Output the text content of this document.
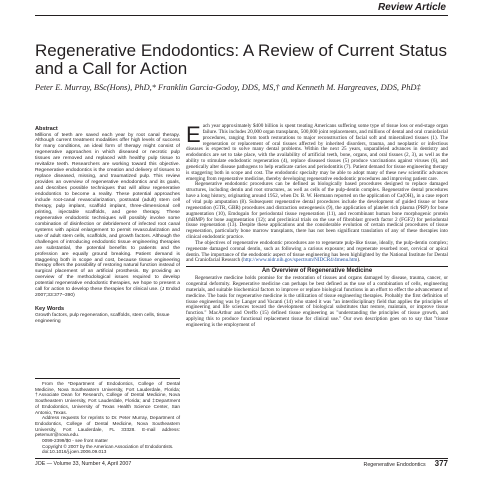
Review Article
Regenerative Endodontics: A Review of Current Status and a Call for Action
Peter E. Murray, BSc(Hons), PhD,* Franklin Garcia-Godoy, DDS, MS,† and Kenneth M. Hargreaves, DDS, PhD‡

Abstract

Millions of teeth are saved each year by root canal therapy. Although current treatment modalities offer high levels of success for many conditions, an ideal form of therapy might consist of regenerative approaches in which diseased or necrotic pulp tissues are removed and replaced with healthy pulp tissue to revitalize teeth. Researchers are working toward this objective. Regenerative endodontics is the creation and delivery of tissues to replace diseased, missing, and traumatized pulp. This review provides an overview of regenerative endodontics and its goals, and describes possible techniques that will allow regenerative endodontics to become a reality. These potential approaches include root-canal revascularization, postnatal (adult) stem cell therapy, pulp implant, scaffold implant, three-dimensional cell printing, injectable scaffolds, and gene therapy. These regenerative endodontic techniques will possibly involve some combination of disinfection or debridement of infected root canal systems with apical enlargement to permit revascularization and use of adult stem cells, scaffolds, and growth factors. Although the challenges of introducing endodontic tissue engineering therapies are substantial, the potential benefits to patients and the profession are equally ground breaking. Patient demand is staggering both in scope and cost, because tissue engineering therapy offers the possibility of restoring natural function instead of surgical placement of an artificial prosthesis. By providing an overview of the methodological issues required to develop potential regenerative endodontic therapies, we hope to present a call for action to develop these therapies for clinical use. (J Endod 2007;33:377–390)

Key Words

Growth factors, pulp regeneration, scaffolds, stem cells, tissue engineering

From the *Department of Endodontics, College of Dental Medicine, Nova Southeastern University, Fort Lauderdale, Florida; †Associate Dean for Research, College of Dental Medicine, Nova Southeastern University, Fort Lauderdale, Florida; and ‡Department of Endodontics, University of Texas Health Science Center, San Antonio, Texas.

Address requests for reprints to Dr. Peter Murray, Department of Endodontics, College of Dental Medicine, Nova Southeastern University, Fort Lauderdale, FL 33328. E-mail address: petemurr@nova.edu.

0099-2399/$0 - see front matter

Copyright © 2007 by the American Association of Endodontists.

doi:10.1016/j.joen.2006.09.013

Each year approximately $400 billion is spent treating Americans suffering some type of tissue loss or end-stage organ failure. This includes 20,000 organ transplants, 500,000 joint replacements, and millions of dental and oral craniofacial procedures, ranging from tooth restorations to major reconstruction of facial soft and mineralized tissues (1). The regeneration or replacement of oral tissues affected by inherited disorders, trauma, and neoplastic or infectious diseases is expected to solve many dental problems. Within the next 25 years, unparalleled advances in dentistry and endodontics are set to take place, with the availability of artificial teeth, bone, organs, and oral tissues (2, 3), as well as the ability to stimulate endodontic regeneration (4), replace diseased tissues (5) produce vaccinations against viruses (6), and genetically alter disease pathogens to help eradicate caries and periodontitis (7). Patient demand for tissue engineering therapy is staggering both in scope and cost. The endodontic specialty may be able to adopt many of these new scientific advances emerging from regenerative medicine, thereby developing regenerative endodontic procedures and improving patient care.

Regenerative endodontic procedures can be defined as biologically based procedures designed to replace damaged structures, including dentin and root structures, as well as cells of the pulp-dentin complex. Regenerative dental procedures have a long history, originating around 1952, when Dr. B. W. Hermann reported on the application of Ca(OH)₂ in a case report of vital pulp amputation (8). Subsequent regenerative dental procedures include the development of guided tissue or bone regeneration (GTR, GBR) procedures and distraction osteogenesis (9), the application of platelet rich plasma (PRP) for bone augmentation (10), Emdogain for periodontal tissue regeneration (11), and recombinant human bone morphogenic protein (rhBMP) for bone augmentation (12); and preclinical trials on the use of fibroblast growth factor 2 (FGF2) for periodontal tissue regeneration (13). Despite these applications and the considerable evolution of certain medical procedures of tissue regeneration, particularly bone marrow transplants, there has not been significant translation of any of these therapies into clinical endodontic practice.

The objectives of regenerative endodontic procedures are to regenerate pulp-like tissue, ideally, the pulp-dentin complex; regenerate damaged coronal dentin, such as following a carious exposure; and regenerate resorbed root, cervical or apical dentin. The importance of the endodontic aspect of tissue engineering has been highlighted by the National Institute for Dental and Craniofacial Research (http://www.nidr.nih.gov/spectrum/NIDCR4/4menu.htm).

An Overview of Regenerative Medicine

Regenerative medicine holds promise for the restoration of tissues and organs damaged by disease, trauma, cancer, or congenital deformity. Regenerative medicine can perhaps be best defined as the use of a combination of cells, engineering materials, and suitable biochemical factors to improve or replace biological functions in an effort to effect the advancement of medicine. The basis for regenerative medicine is the utilization of tissue engineering therapies. Probably the first definition of tissue engineering was by Langer and Vacanti (14) who stated it was "an interdisciplinary field that applies the principles of engineering and life sciences toward the development of biological substitutes that restore, maintain, or improve tissue function." MacArthur and Oreffo (15) defined tissue engineering as "understanding the principles of tissue growth, and applying this to produce functional replacement tissue for clinical use." Our own description goes on to say that "tissue engineering is the employment of

JOE — Volume 33, Number 4, April 2007	Regenerative Endodontics 377
